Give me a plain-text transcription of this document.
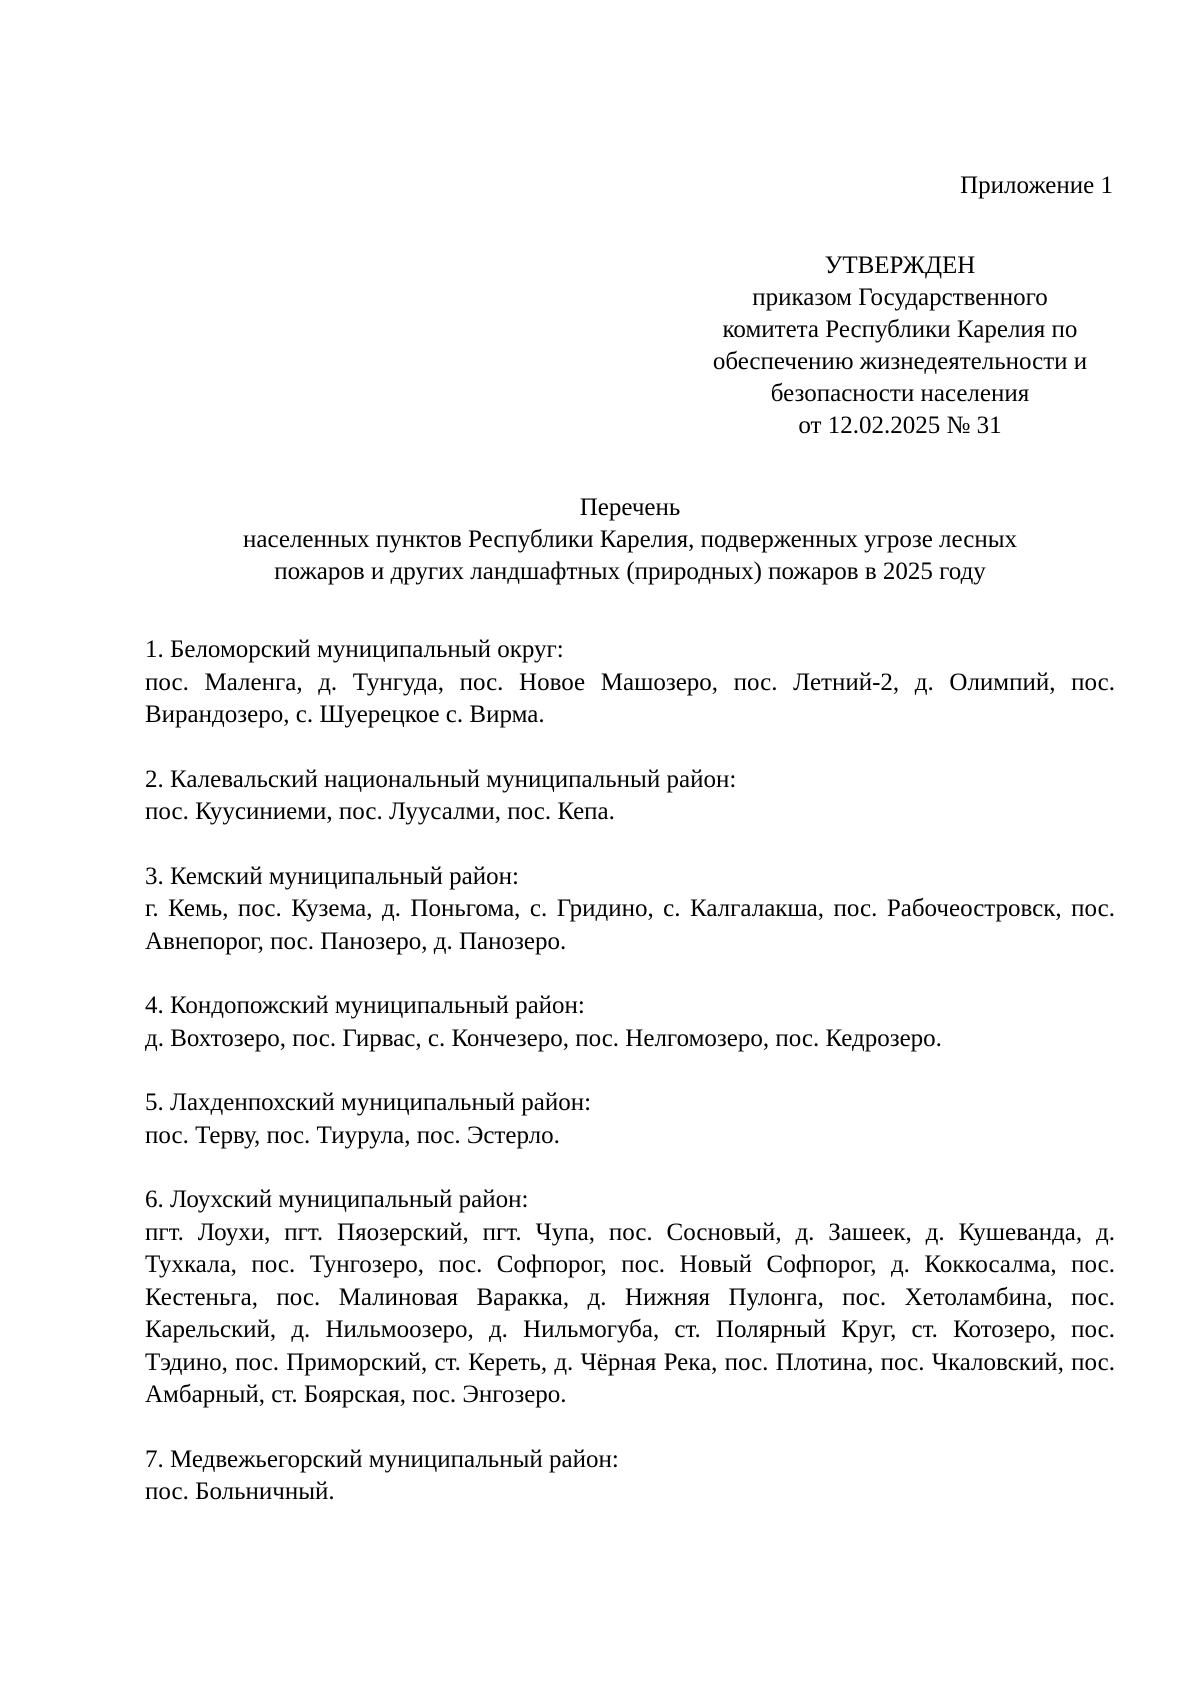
Приложение 1

УТВЕРЖДЕН
приказом Государственного
комитета Республики Карелия по
обеспечению жизнедеятельности и
безопасности населения
от 12.02.2025 № 31
Перечень
населенных пунктов Республики Карелия, подверженных угрозе лесных
пожаров и других ландшафтных (природных) пожаров в 2025 году
1. Беломорский муниципальный округ:
пос. Маленга, д. Тунгуда, пос. Новое Машозеро, пос. Летний-2, д. Олимпий, пос. Вирандозеро, с. Шуерецкое с. Вирма.
2. Калевальский национальный муниципальный район:
пос. Куусиниеми, пос. Луусалми, пос. Кепа.
3. Кемский муниципальный район:
г. Кемь, пос. Кузема, д. Поньгома, с. Гридино, с. Калгалакша, пос. Рабочеостровск, пос. Авнепорог, пос. Панозеро, д. Панозеро.
4. Кондопожский муниципальный район:
д. Вохтозеро, пос. Гирвас, с. Кончезеро, пос. Нелгомозеро, пос. Кедрозеро.
5. Лахденпохский муниципальный район:
пос. Терву, пос. Тиурула, пос. Эстерло.
6. Лоухский муниципальный район:
пгт. Лоухи, пгт. Пяозерский, пгт. Чупа, пос. Сосновый, д. Зашеек, д. Кушеванда, д. Тухкала, пос. Тунгозеро, пос. Софпорог, пос. Новый Софпорог, д. Коккосалма, пос. Кестеньга, пос. Малиновая Варакка, д. Нижняя Пулонга, пос. Хетоламбина, пос. Карельский, д. Нильмоозеро, д. Нильмогуба, ст. Полярный Круг, ст. Котозеро, пос. Тэдино, пос. Приморский, ст. Кереть, д. Чёрная Река, пос. Плотина, пос. Чкаловский, пос. Амбарный, ст. Боярская, пос. Энгозеро.
7. Медвежьегорский муниципальный район:
пос. Больничный.
